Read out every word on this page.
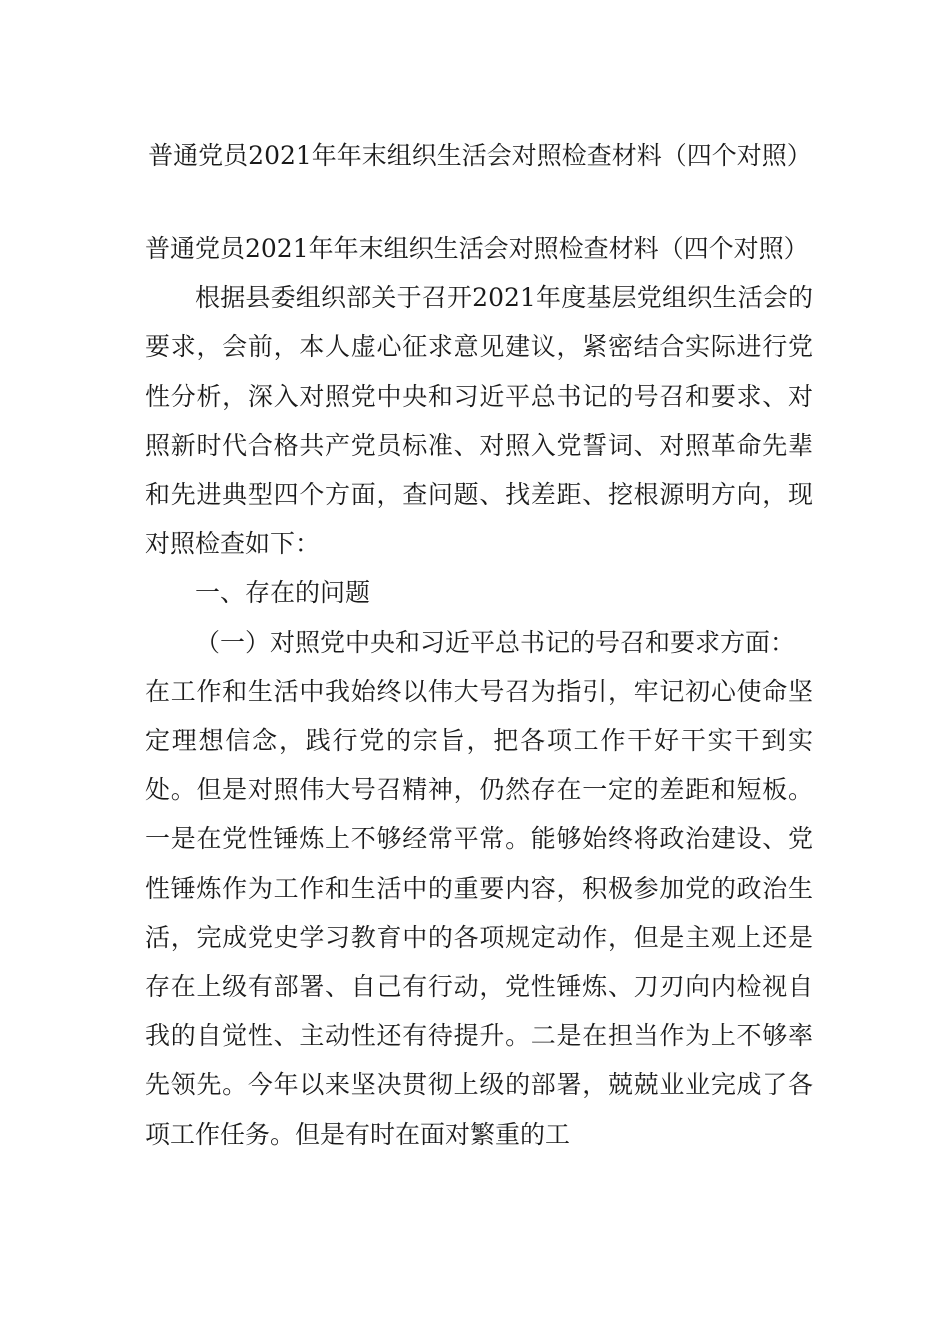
普通党员2021年年末组织生活会对照检查材料（四个对照）

普通党员2021年年末组织生活会对照检查材料（四个对照）

根据县委组织部关于召开2021年度基层党组织生活会的要求，会前，本人虚心征求意见建议，紧密结合实际进行党性分析，深入对照党中央和习近平总书记的号召和要求、对照新时代合格共产党员标准、对照入党誓词、对照革命先辈和先进典型四个方面，查问题、找差距、挖根源明方向，现对照检查如下：

一、存在的问题

（一）对照党中央和习近平总书记的号召和要求方面：

在工作和生活中我始终以伟大号召为指引，牢记初心使命坚定理想信念，践行党的宗旨，把各项工作干好干实干到实处。但是对照伟大号召精神，仍然存在一定的差距和短板。一是在党性锤炼上不够经常平常。能够始终将政治建设、党性锤炼作为工作和生活中的重要内容，积极参加党的政治生活，完成党史学习教育中的各项规定动作，但是主观上还是存在上级有部署、自己有行动，党性锤炼、刀刃向内检视自我的自觉性、主动性还有待提升。二是在担当作为上不够率先领先。今年以来坚决贯彻上级的部署，兢兢业业完成了各项工作任务。但是有时在面对繁重的工
